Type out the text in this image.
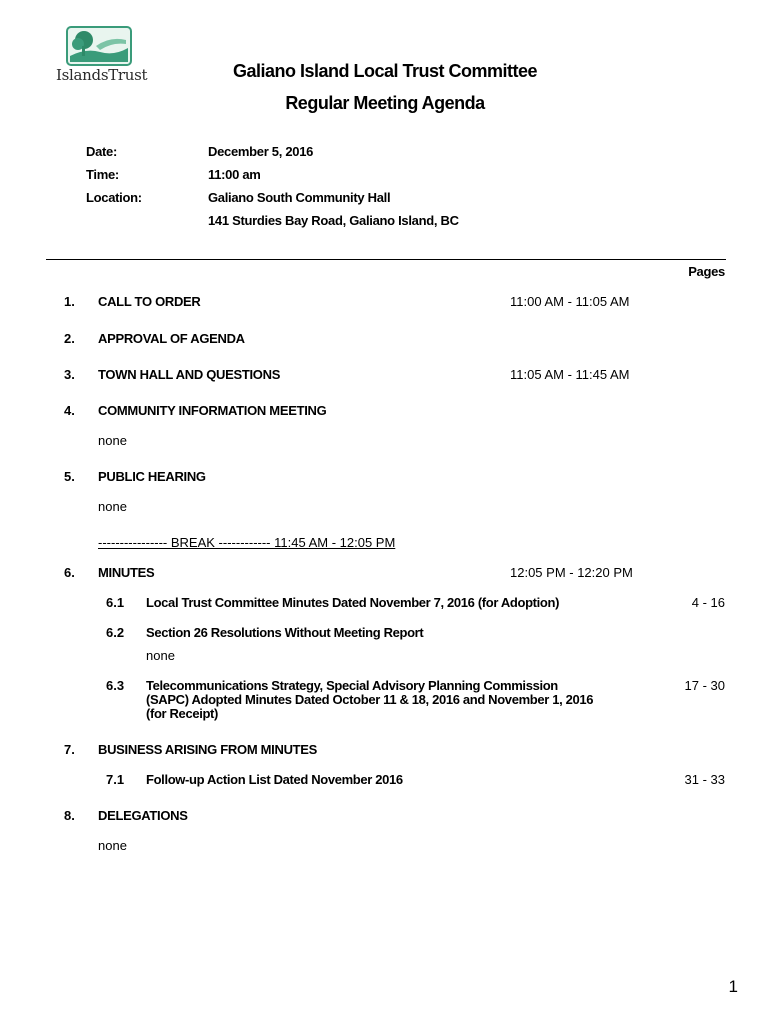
IslandsTrust	Galiano Island Local Trust Committee
Regular Meeting Agenda
Date:	December 5, 2016
Time:	11:00 am
Location:	Galiano South Community Hall
141 Sturdies Bay Road, Galiano Island, BC
Pages
1. CALL TO ORDER	11:00 AM - 11:05 AM
2. APPROVAL OF AGENDA
3. TOWN HALL AND QUESTIONS	11:05 AM - 11:45 AM
4. COMMUNITY INFORMATION MEETING
none
5. PUBLIC HEARING
none
---------------- BREAK ------------ 11:45 AM - 12:05 PM
6. MINUTES	12:05 PM - 12:20 PM
6.1 Local Trust Committee Minutes Dated November 7, 2016 (for Adoption)	4 - 16
6.2 Section 26 Resolutions Without Meeting Report
none
6.3 Telecommunications Strategy, Special Advisory Planning Commission
(SAPC) Adopted Minutes Dated October 11 & 18, 2016 and November 1, 2016
(for Receipt)
17 - 30
7. BUSINESS ARISING FROM MINUTES
7.1 Follow-up Action List Dated November 2016	31 - 33
8. DELEGATIONS
none
1
